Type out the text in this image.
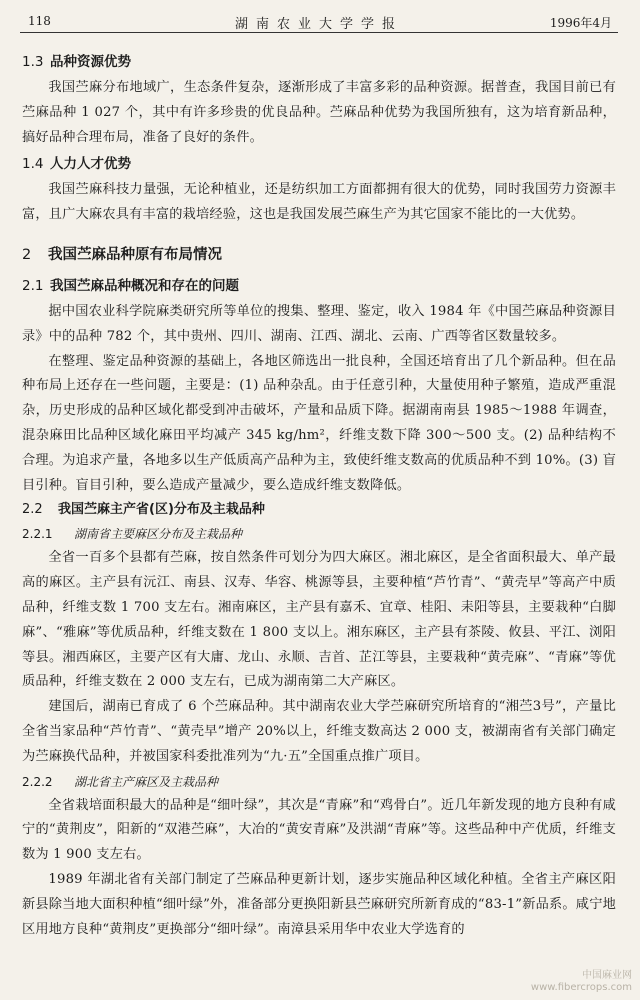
118	湖南农业大学学报	1996年4月
1.3 品种资源优势
我国苎麻分布地域广，生态条件复杂，逐渐形成了丰富多彩的品种资源。据普查，我国目前已有苎麻品种 1 027 个，其中有许多珍贵的优良品种。苎麻品种优势为我国所独有，这为培育新品种，搞好品种合理布局，准备了良好的条件。
1.4 人力人才优势
我国苎麻科技力量强，无论种植业，还是纺织加工方面都拥有很大的优势，同时我国劳力资源丰富，且广大麻农具有丰富的栽培经验，这也是我国发展苎麻生产为其它国家不能比的一大优势。
2 我国苎麻品种原有布局情况
2.1 我国苎麻品种概况和存在的问题
据中国农业科学院麻类研究所等单位的搜集、整理、鉴定，收入 1984 年《中国苎麻品种资源目录》中的品种 782 个，其中贵州、四川、湖南、江西、湖北、云南、广西等省区数量较多。
在整理、鉴定品种资源的基础上，各地区筛选出一批良种，全国还培育出了几个新品种。但在品种布局上还存在一些问题，主要是：(1) 品种杂乱。由于任意引种，大量使用种子繁殖，造成严重混杂，历史形成的品种区域化都受到冲击破坏，产量和品质下降。据湖南南县 1985～1988 年调查，混杂麻田比品种区域化麻田平均减产 345 kg/hm²，纤维支数下降 300～500 支。(2) 品种结构不合理。为追求产量，各地多以生产低质高产品种为主，致使纤维支数高的优质品种不到 10%。(3) 盲目引种。盲目引种，要么造成产量减少，要么造成纤维支数降低。
2.2 我国苎麻主产省(区)分布及主栽品种
2.2.1 湖南省主要麻区分布及主栽品种
全省一百多个县都有苎麻，按自然条件可划分为四大麻区。湘北麻区，是全省面积最大、单产最高的麻区。主产县有沅江、南县、汉寿、华容、桃源等县，主要种植“芦竹青”、“黄壳早”等高产中质品种，纤维支数 1 700 支左右。湘南麻区，主产县有嘉禾、宜章、桂阳、耒阳等县，主要栽种“白脚麻”、“雅麻”等优质品种，纤维支数在 1 800 支以上。湘东麻区，主产县有茶陵、攸县、平江、浏阳等县。湘西麻区，主要产区有大庸、龙山、永顺、吉首、芷江等县，主要栽种“黄壳麻”、“青麻”等优质品种，纤维支数在 2 000 支左右，已成为湖南第二大产麻区。
建国后，湖南已育成了 6 个苎麻品种。其中湖南农业大学苎麻研究所培育的“湘苎3号”，产量比全省当家品种“芦竹青”、“黄壳早”增产 20%以上，纤维支数高达 2 000 支，被湖南省有关部门确定为苎麻换代品种，并被国家科委批准列为“九·五”全国重点推广项目。
2.2.2 湖北省主产麻区及主栽品种
全省栽培面积最大的品种是“细叶绿”，其次是“青麻”和“鸡骨白”。近几年新发现的地方良种有咸宁的“黄荆皮”，阳新的“双港苎麻”，大冶的“黄安青麻”及洪湖“青麻”等。这些品种中产优质，纤维支数为 1 900 支左右。
1989 年湖北省有关部门制定了苎麻品种更新计划，逐步实施品种区域化种植。全省主产麻区阳新县除当地大面积种植“细叶绿”外，准备部分更换阳新县苎麻研究所新育成的“83-1”新品系。咸宁地区用地方良种“黄荆皮”更换部分“细叶绿”。南漳县采用华中农业大学选育的
中国麻业网
www.fibercrops.com
